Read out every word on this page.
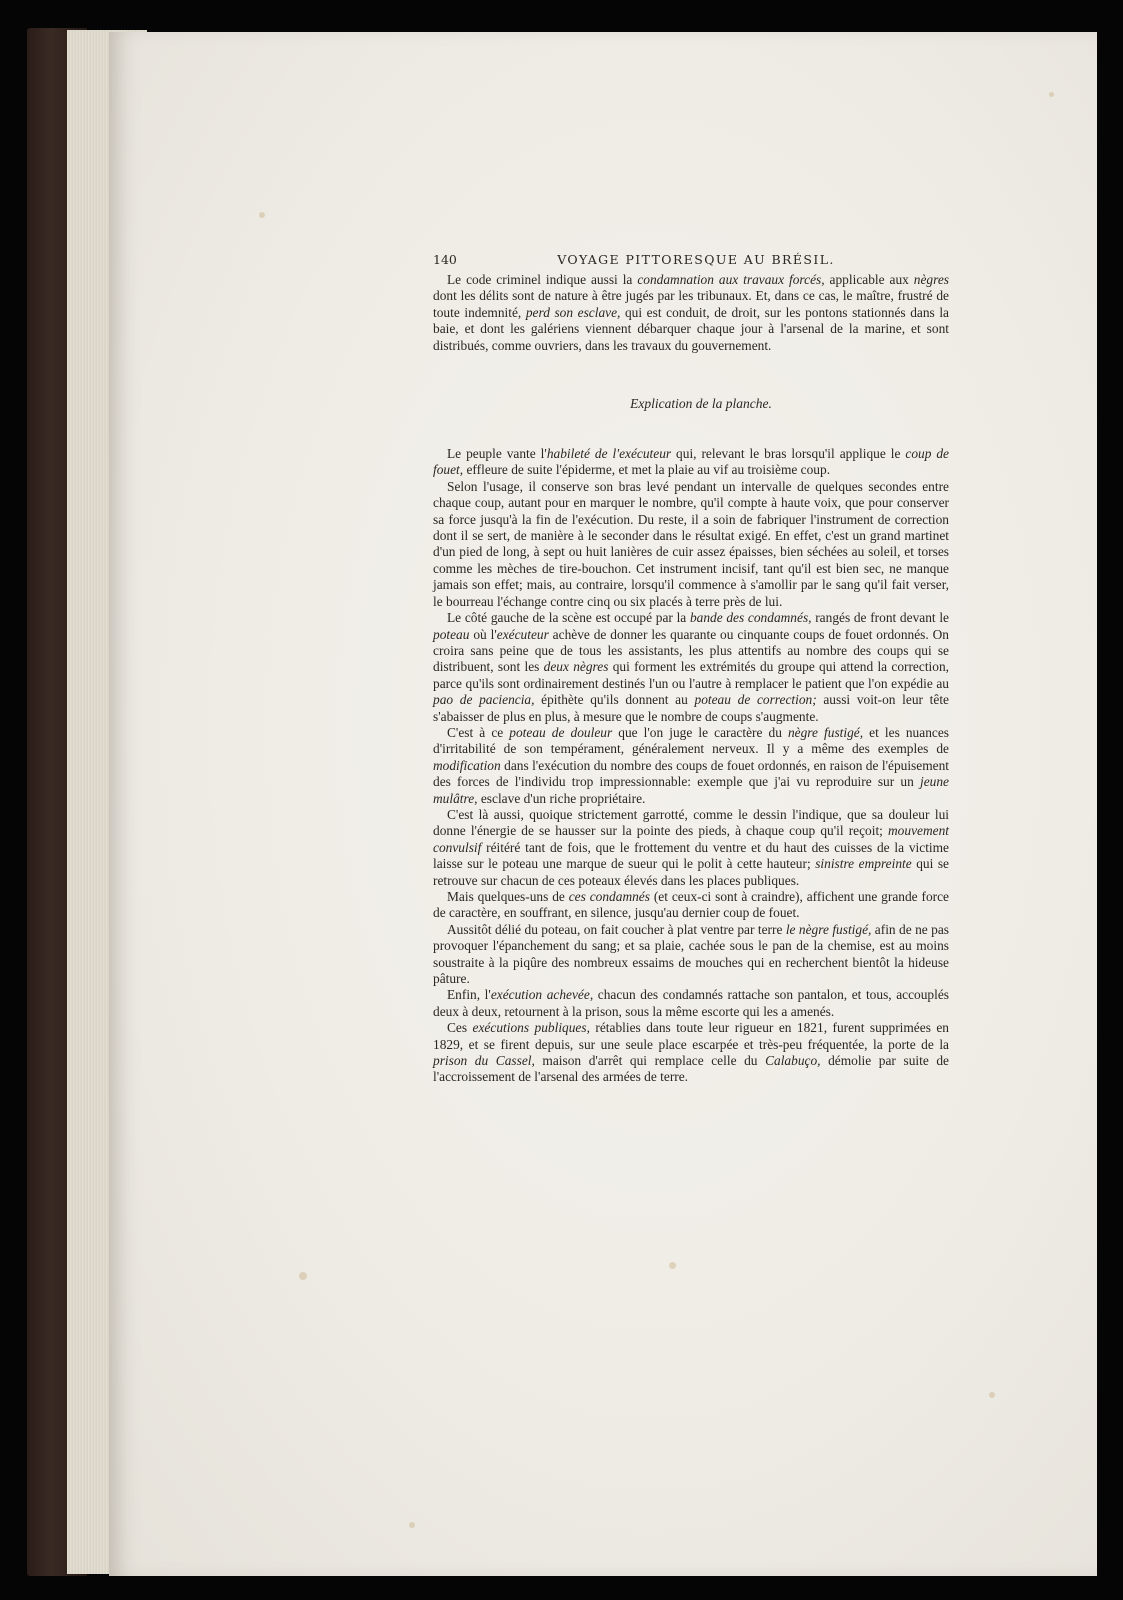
140	VOYAGE PITTORESQUE AU BRÉSIL.

Le code criminel indique aussi la condamnation aux travaux forcés, applicable aux nègres dont les délits sont de nature à être jugés par les tribunaux. Et, dans ce cas, le maître, frustré de toute indemnité, perd son esclave, qui est conduit, de droit, sur les pontons stationnés dans la baie, et dont les galériens viennent débarquer chaque jour à l'arsenal de la marine, et sont distribués, comme ouvriers, dans les travaux du gouvernement.

Explication de la planche.

Le peuple vante l'habileté de l'exécuteur qui, relevant le bras lorsqu'il applique le coup de fouet, effleure de suite l'épiderme, et met la plaie au vif au troisième coup.

Selon l'usage, il conserve son bras levé pendant un intervalle de quelques secondes entre chaque coup, autant pour en marquer le nombre, qu'il compte à haute voix, que pour conserver sa force jusqu'à la fin de l'exécution. Du reste, il a soin de fabriquer l'instrument de correction dont il se sert, de manière à le seconder dans le résultat exigé. En effet, c'est un grand martinet d'un pied de long, à sept ou huit lanières de cuir assez épaisses, bien séchées au soleil, et torses comme les mèches de tire-bouchon. Cet instrument incisif, tant qu'il est bien sec, ne manque jamais son effet; mais, au contraire, lorsqu'il commence à s'amollir par le sang qu'il fait verser, le bourreau l'échange contre cinq ou six placés à terre près de lui.

Le côté gauche de la scène est occupé par la bande des condamnés, rangés de front devant le poteau où l'exécuteur achève de donner les quarante ou cinquante coups de fouet ordonnés. On croira sans peine que de tous les assistants, les plus attentifs au nombre des coups qui se distribuent, sont les deux nègres qui forment les extrémités du groupe qui attend la correction, parce qu'ils sont ordinairement destinés l'un ou l'autre à remplacer le patient que l'on expédie au pao de paciencia, épithète qu'ils donnent au poteau de correction; aussi voit-on leur tête s'abaisser de plus en plus, à mesure que le nombre de coups s'augmente.

C'est à ce poteau de douleur que l'on juge le caractère du nègre fustigé, et les nuances d'irritabilité de son tempérament, généralement nerveux. Il y a même des exemples de modification dans l'exécution du nombre des coups de fouet ordonnés, en raison de l'épuisement des forces de l'individu trop impressionnable: exemple que j'ai vu reproduire sur un jeune mulâtre, esclave d'un riche propriétaire.

C'est là aussi, quoique strictement garrotté, comme le dessin l'indique, que sa douleur lui donne l'énergie de se hausser sur la pointe des pieds, à chaque coup qu'il reçoit; mouvement convulsif réitéré tant de fois, que le frottement du ventre et du haut des cuisses de la victime laisse sur le poteau une marque de sueur qui le polit à cette hauteur; sinistre empreinte qui se retrouve sur chacun de ces poteaux élevés dans les places publiques.

Mais quelques-uns de ces condamnés (et ceux-ci sont à craindre), affichent une grande force de caractère, en souffrant, en silence, jusqu'au dernier coup de fouet.

Aussitôt délié du poteau, on fait coucher à plat ventre par terre le nègre fustigé, afin de ne pas provoquer l'épanchement du sang; et sa plaie, cachée sous le pan de la chemise, est au moins soustraite à la piqûre des nombreux essaims de mouches qui en recherchent bientôt la hideuse pâture.

Enfin, l'exécution achevée, chacun des condamnés rattache son pantalon, et tous, accouplés deux à deux, retournent à la prison, sous la même escorte qui les a amenés.

Ces exécutions publiques, rétablies dans toute leur rigueur en 1821, furent supprimées en 1829, et se firent depuis, sur une seule place escarpée et très-peu fréquentée, la porte de la prison du Cassel, maison d'arrêt qui remplace celle du Calabuço, démolie par suite de l'accroissement de l'arsenal des armées de terre.
